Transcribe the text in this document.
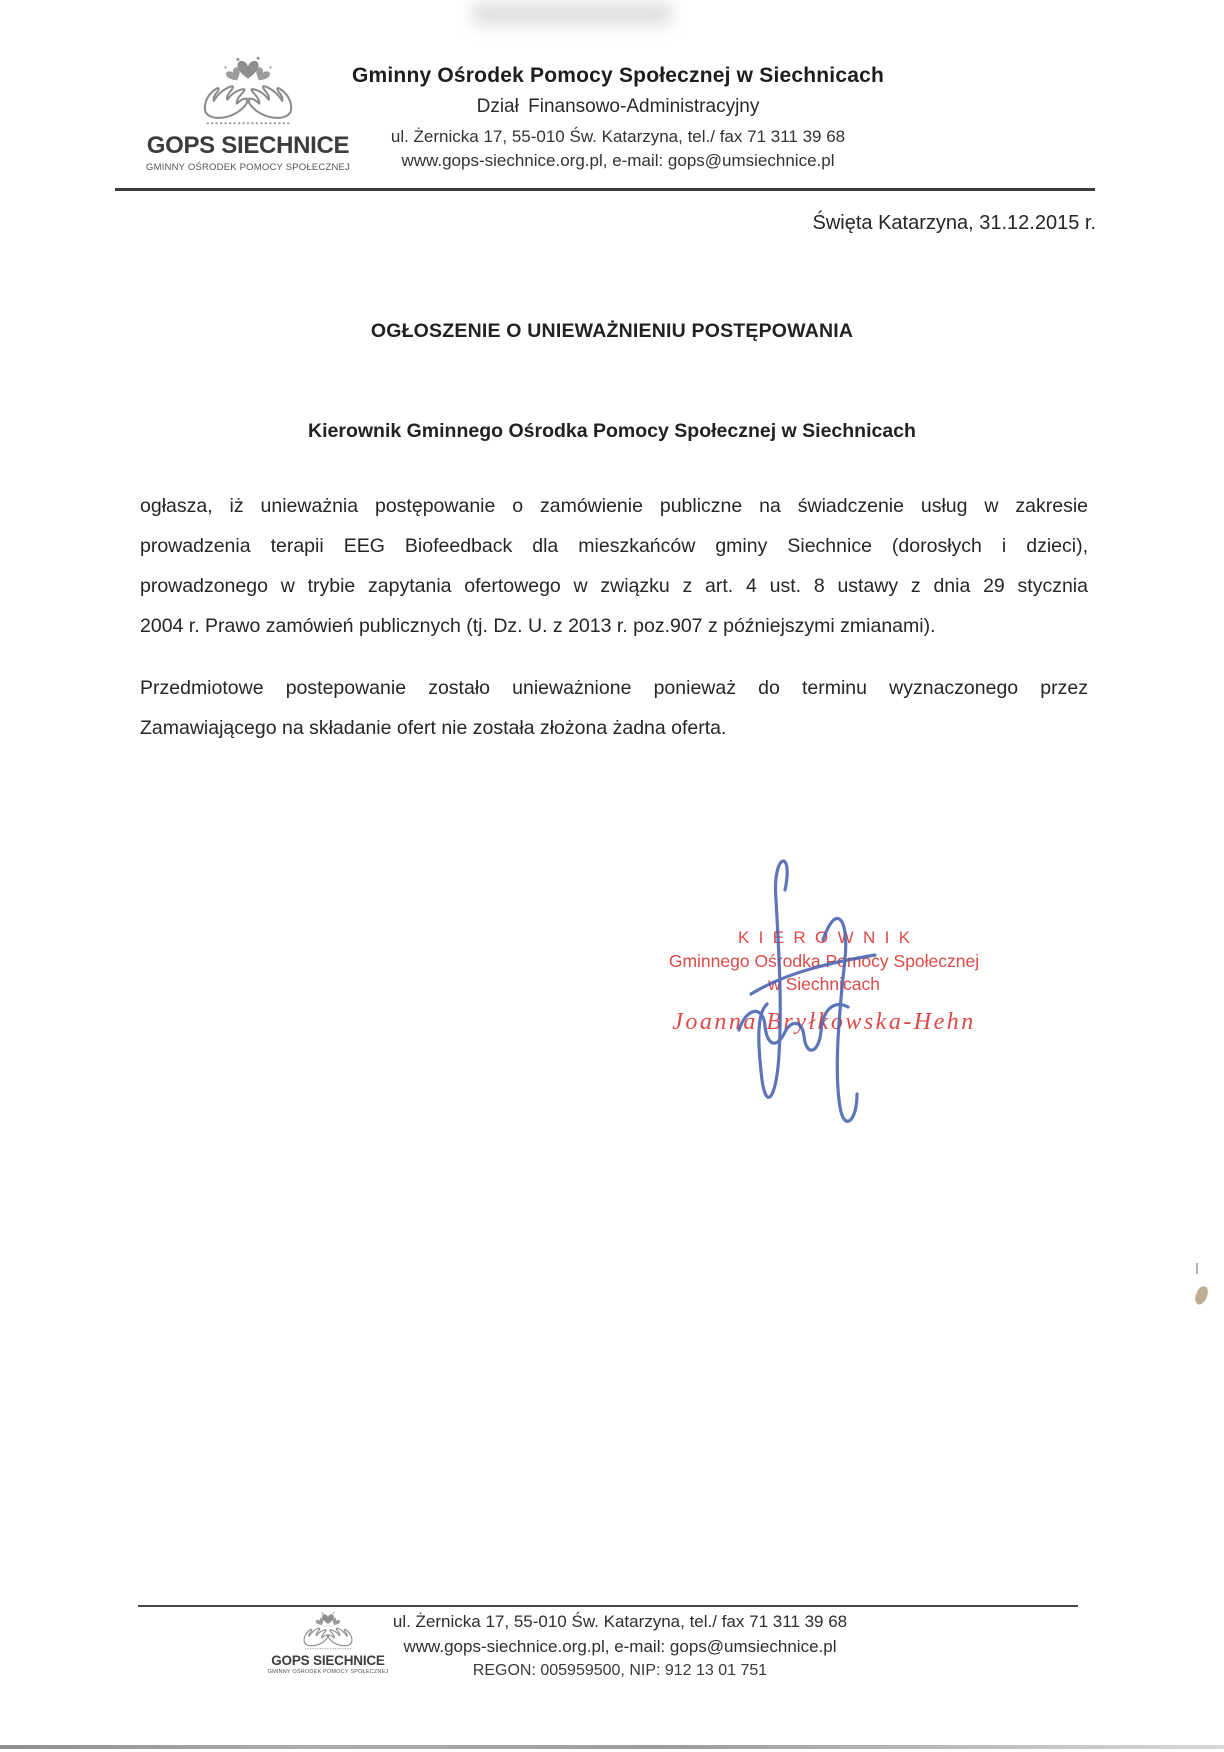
GOPS SIECHNICE
GMINNY OŚRODEK POMOCY SPOŁECZNEJ
Gminny Ośrodek Pomocy Społecznej w Siechnicach
Dział Finansowo-Administracyjny
ul. Żernicka 17, 55-010 Św. Katarzyna, tel./ fax 71 311 39 68
www.gops-siechnice.org.pl, e-mail: gops@umsiechnice.pl
Święta Katarzyna, 31.12.2015 r.
OGŁOSZENIE O UNIEWAŻNIENIU POSTĘPOWANIA
Kierownik Gminnego Ośrodka Pomocy Społecznej w Siechnicach
ogłasza, iż unieważnia postępowanie o zamówienie publiczne na świadczenie usług w zakresie
prowadzenia terapii EEG Biofeedback dla mieszkańców gminy Siechnice (dorosłych i dzieci),
prowadzonego w trybie zapytania ofertowego w związku z art. 4 ust. 8 ustawy z dnia 29 stycznia
2004 r. Prawo zamówień publicznych (tj. Dz. U. z 2013 r. poz.907 z późniejszymi zmianami).
Przedmiotowe postepowanie zostało unieważnione ponieważ do terminu wyznaczonego przez
Zamawiającego na składanie ofert nie została złożona żadna oferta.
KIEROWNIK
Gminnego Ośrodka Pomocy Społecznej
w Siechnicach
Joanna Bryłkowska-Hehn
GOPS SIECHNICE
GMINNY OŚRODEK POMOCY SPOŁECZNEJ
ul. Żernicka 17, 55-010 Św. Katarzyna, tel./ fax 71 311 39 68
www.gops-siechnice.org.pl, e-mail: gops@umsiechnice.pl
REGON: 005959500, NIP: 912 13 01 751
